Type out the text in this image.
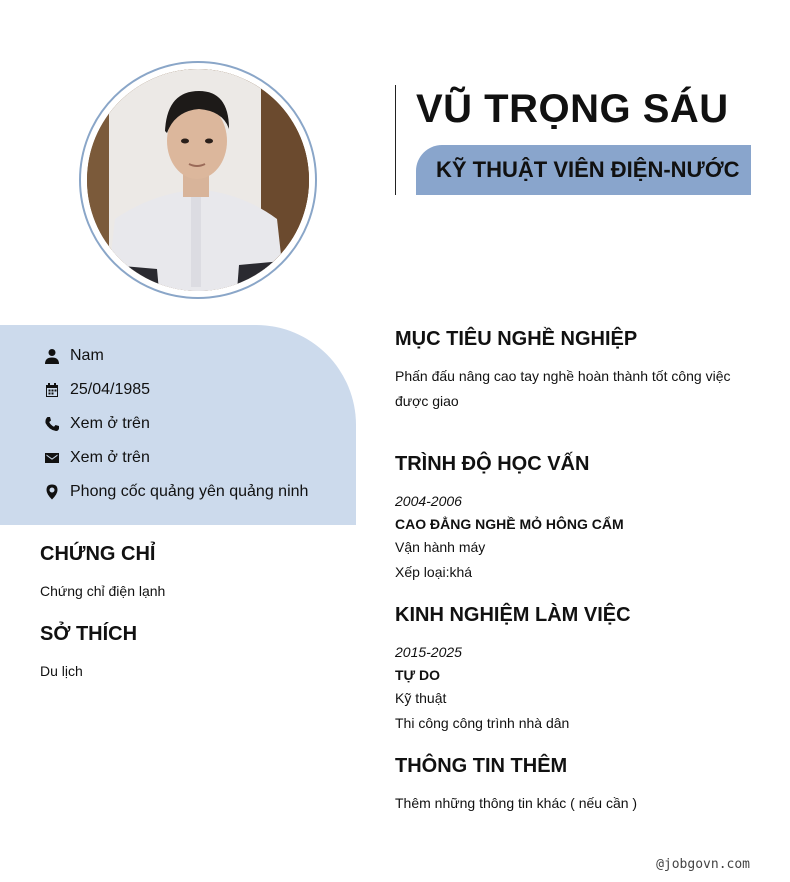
VŨ TRỌNG SÁU
KỸ THUẬT VIÊN ĐIỆN-NƯỚC
Nam
25/04/1985
Xem ở trên
Xem ở trên
Phong cốc quảng yên quảng ninh
CHỨNG CHỈ
Chứng chỉ điện lạnh
SỞ THÍCH
Du lịch
MỤC TIÊU NGHỀ NGHIỆP
Phấn đấu nâng cao tay nghề hoàn thành tốt công việc được giao
TRÌNH ĐỘ HỌC VẤN
2004-2006
CAO ĐẲNG NGHỀ MỎ HÔNG CẨM
Vận hành máy
Xếp loại:khá
KINH NGHIỆM LÀM VIỆC
2015-2025
TỰ DO
Kỹ thuật
Thi công công trình nhà dân
THÔNG TIN THÊM
Thêm những thông tin khác ( nếu cần )
@jobgovn.com
